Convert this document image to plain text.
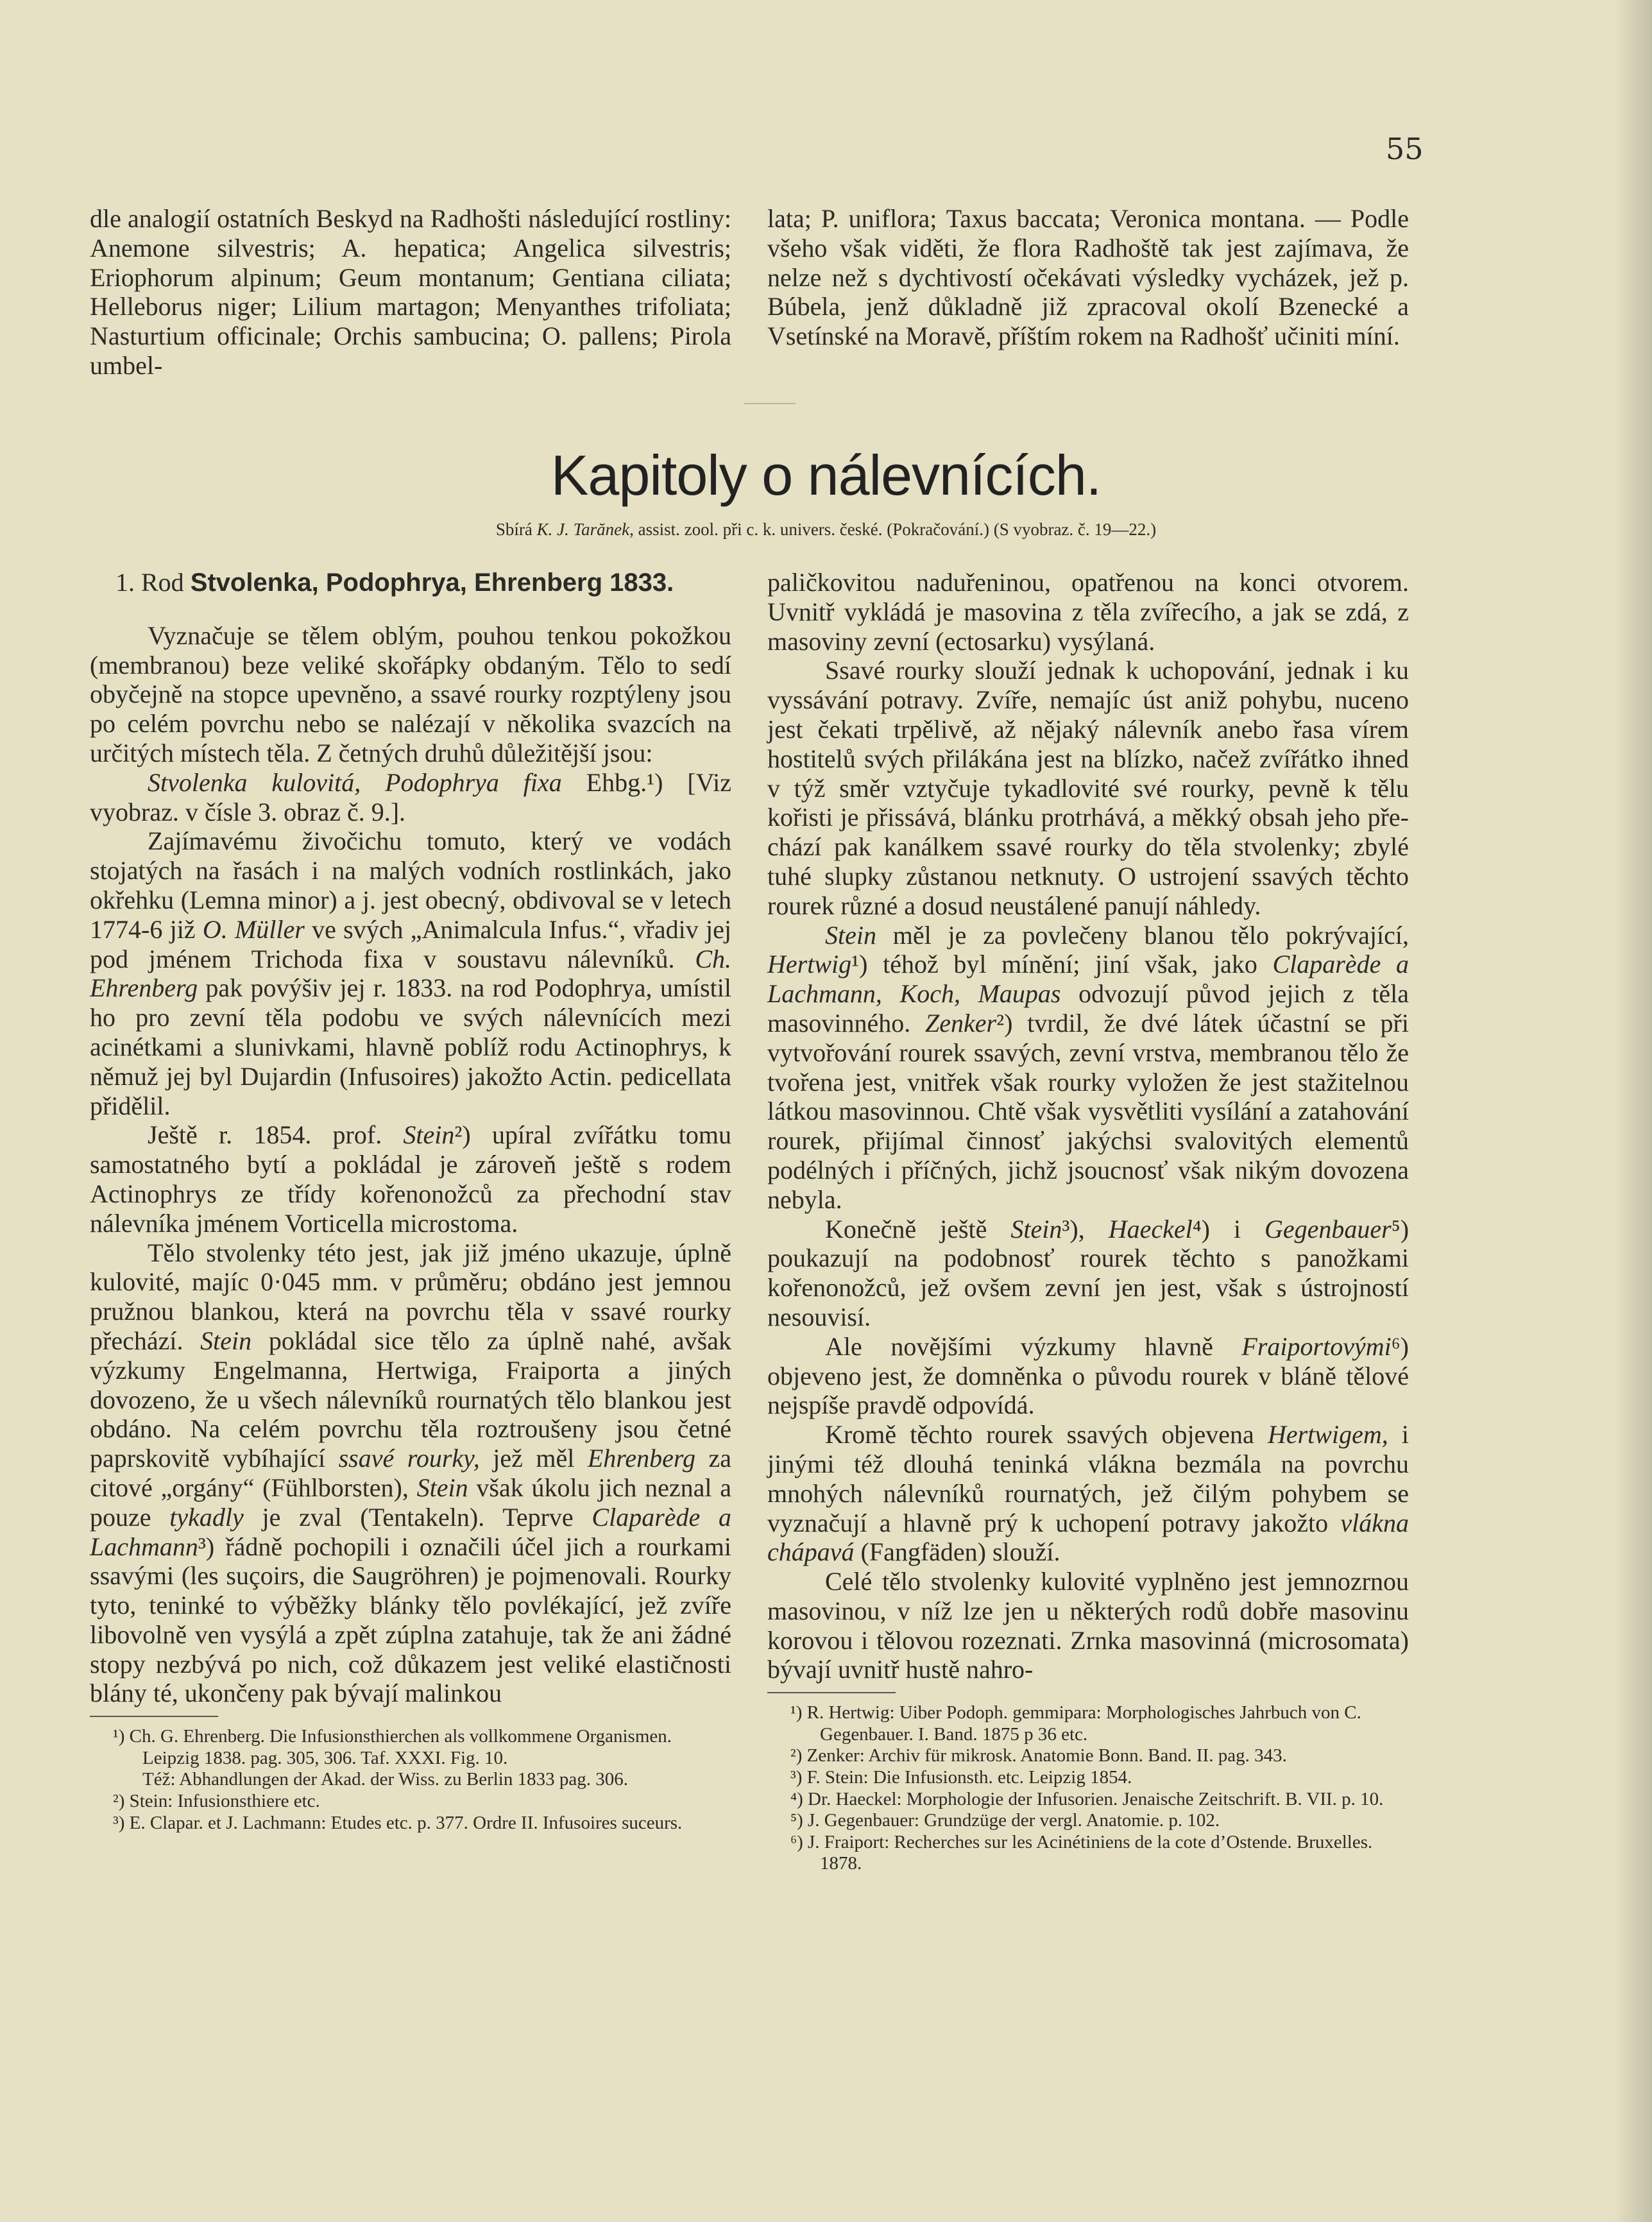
55

dle analogií ostatních Beskyd na Radhošti následující rostliny: Anemone silvestris; A. hepatica; Angelica silvestris; Eriophorum alpinum; Geum montanum; Gentiana ciliata; Helleborus niger; Lilium martagon; Menyanthes trifoliata; Nasturtium officinale; Orchis sambucina; O. pallens; Pirola umbel-

lata; P. uniflora; Taxus baccata; Veronica montana. — Podle všeho však viděti, že flora Radhoště tak jest zajímava, že nelze než s dychtivostí očekávati výsledky vycházek, jež p. Búbela, jenž důkladně již zpracoval okolí Bzenecké a Vsetínské na Moravě, příštím rokem na Radhošť učiniti míní.

Kapitoly o nálevnících.
Sbírá K. J. Tarănek, assist. zool. při c. k. univers. české. (Pokračování.) (S vyobraz. č. 19—22.)

1. Rod Stvolenka, Podophrya, Ehrenberg 1833.

Vyznačuje se tělem oblým, pouhou tenkou pokožkou (membranou) beze veliké skořápky obdaným. Tělo to sedí obyčejně na stopce upevněno, a ssavé rourky rozptýleny jsou po celém povrchu nebo se nalézají v několika svazcích na určitých místech těla. Z četných druhů důležitější jsou:

Stvolenka kulovitá, Podophrya fixa Ehbg.¹) [Viz vyobraz. v čísle 3. obraz č. 9.].

Zajímavému živočichu tomuto, který ve vodách stojatých na řasách i na malých vodních rostlinkách, jako okřehku (Lemna minor) a j. jest obecný, obdivoval se v letech 1774-6 již O. Müller ve svých „Animalcula Infus.“, vřadiv jej pod jménem Trichoda fixa v soustavu nálevníků. Ch. Ehrenberg pak povýšiv jej r. 1833. na rod Podophrya, umístil ho pro zevní těla podobu ve svých nálevnících mezi acinétkami a slunivkami, hlavně poblíž rodu Actinophrys, k němuž jej byl Dujardin (Infusoires) jakožto Actin. pedicellata přidělil.

Ještě r. 1854. prof. Stein²) upíral zvířátku tomu samostatného bytí a pokládal je zároveň ještě s rodem Actinophrys ze třídy kořenonožců za přechodní stav nálevníka jménem Vorticella microstoma.

Tělo stvolenky této jest, jak již jméno ukazuje, úplně kulovité, majíc 0·045 mm. v průměru; obdáno jest jemnou pružnou blankou, která na povrchu těla v ssavé rourky přechází. Stein pokládal sice tělo za úplně nahé, avšak výzkumy Engelmanna, Hertwiga, Fraiporta a jiných dovozeno, že u všech nálevníků rournatých tělo blankou jest obdáno. Na celém povrchu těla roztroušeny jsou četné paprskovitě vybíhající ssavé rourky, jež měl Ehrenberg za citové „orgány“ (Fühlborsten), Stein však úkolu jich neznal a pouze tykadly je zval (Tentakeln). Teprve Claparède a Lachmann³) řádně pochopili i označili účel jich a rourkami ssavými (les suçoirs, die Saugröhren) je pojmenovali. Rourky tyto, teninké to výběžky blánky tělo povlékající, jež zvíře libovolně ven vysýlá a zpět zúplna zatahuje, tak že ani žádné stopy nezbývá po nich, což důkazem jest veliké elastičnosti blány té, ukončeny pak bývají malinkou

¹) Ch. G. Ehrenberg. Die Infusionsthierchen als vollkommene Organismen. Leipzig 1838. pag. 305, 306. Taf. XXXI. Fig. 10.

Též: Abhandlungen der Akad. der Wiss. zu Berlin 1833 pag. 306.

²) Stein: Infusionsthiere etc.

³) E. Clapar. et J. Lachmann: Etudes etc. p. 377. Ordre II. Infusoires suceurs.

paličkovitou naduřeninou, opatřenou na konci otvorem. Uvnitř vykládá je masovina z těla zvířecího, a jak se zdá, z masoviny zevní (ectosarku) vysýlaná.

Ssavé rourky slouží jednak k uchopování, jednak i ku vyssávání potravy. Zvíře, nemajíc úst aniž pohybu, nuceno jest čekati trpělivě, až nějaký nálevník anebo řasa vírem hostitelů svých přilákána jest na blízko, načež zvířátko ihned v týž směr vztyčuje tykadlovité své rourky, pevně k tělu kořisti je přissává, blánku protrhává, a měkký obsah jeho přechází pak kanálkem ssavé rourky do těla stvolenky; zbylé tuhé slupky zůstanou netknuty. O ustrojení ssavých těchto rourek různé a dosud neustálené panují náhledy.

Stein měl je za povlečeny blanou tělo pokrývající, Hertwig¹) téhož byl mínění; jiní však, jako Claparède a Lachmann, Koch, Maupas odvozují původ jejich z těla masovinného. Zenker²) tvrdil, že dvé látek účastní se při vytvořování rourek ssavých, zevní vrstva, membranou tělo že tvořena jest, vnitřek však rourky vyložen že jest stažitelnou látkou masovinnou. Chtě však vysvětliti vysílání a zatahování rourek, přijímal činnosť jakýchsi svalovitých elementů podélných i příčných, jichž jsoucnosť však nikým dovozena nebyla.

Konečně ještě Stein³), Haeckel⁴) i Gegenbauer⁵) poukazují na podobnosť rourek těchto s panožkami kořenonožců, jež ovšem zevní jen jest, však s ústrojností nesouvisí.

Ale novějšími výzkumy hlavně Fraiportovými⁶) objeveno jest, že domněnka o původu rourek v bláně tělové nejspíše pravdě odpovídá.

Kromě těchto rourek ssavých objevena Hertwigem, i jinými též dlouhá teninká vlákna bezmála na povrchu mnohých nálevníků rournatých, jež čilým pohybem se vyznačují a hlavně prý k uchopení potravy jakožto vlákna chápavá (Fangfäden) slouží.

Celé tělo stvolenky kulovité vyplněno jest jemnozrnou masovinou, v níž lze jen u některých rodů dobře masovinu korovou i tělovou rozeznati. Zrnka masovinná (microsomata) bývají uvnitř hustě nahro-

¹) R. Hertwig: Uiber Podoph. gemmipara: Morphologisches Jahrbuch von C. Gegenbauer. I. Band. 1875 p 36 etc.

²) Zenker: Archiv für mikrosk. Anatomie Bonn. Band. II. pag. 343.

³) F. Stein: Die Infusionsth. etc. Leipzig 1854.

⁴) Dr. Haeckel: Morphologie der Infusorien. Jenaische Zeitschrift. B. VII. p. 10.

⁵) J. Gegenbauer: Grundzüge der vergl. Anatomie. p. 102.

⁶) J. Fraiport: Recherches sur les Acinétiniens de la cote d’Ostende. Bruxelles. 1878.
